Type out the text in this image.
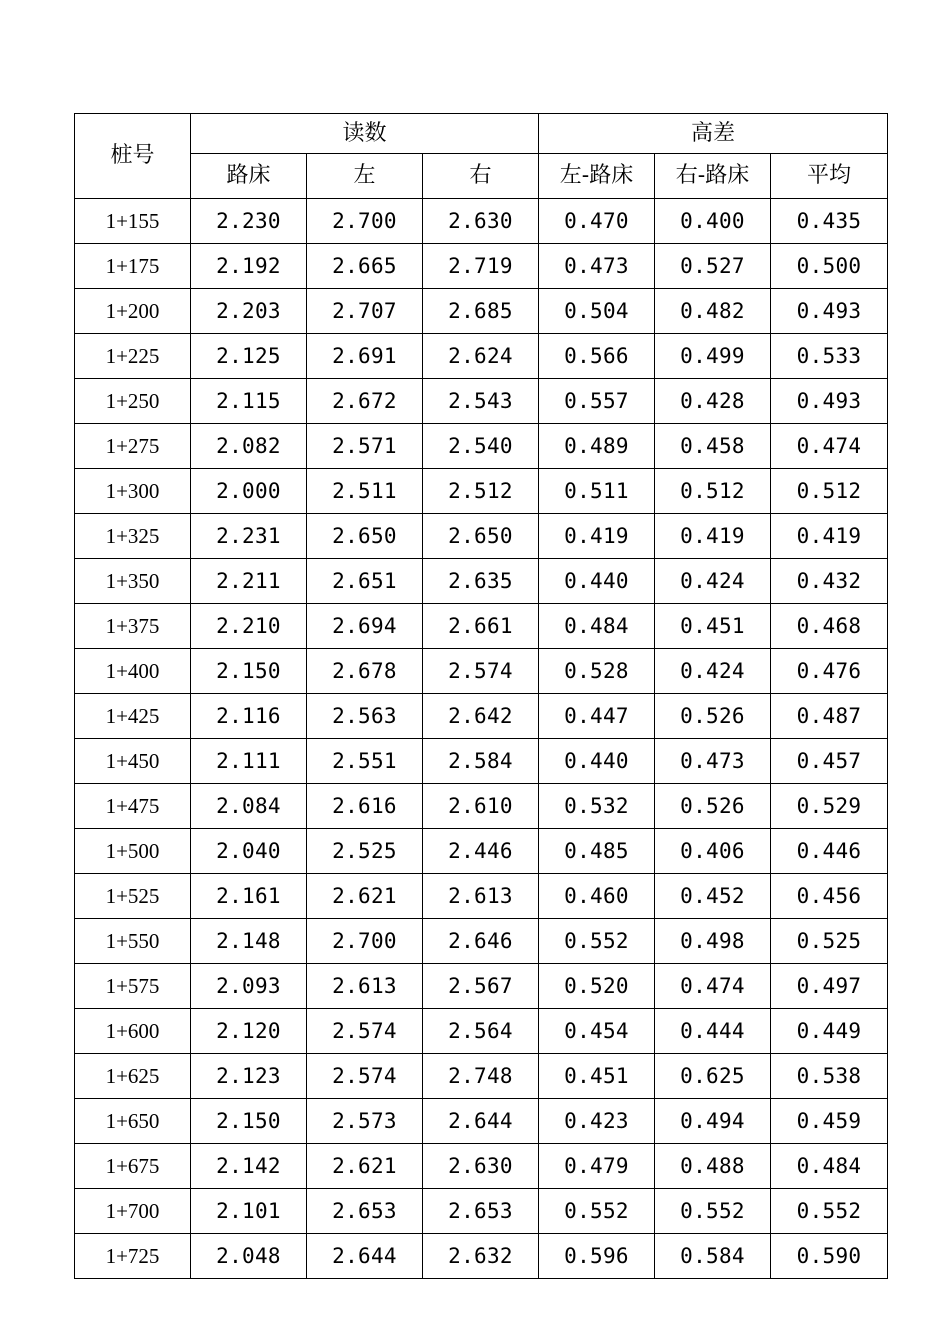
桩号	读数			高差		
	路床	左	右	左-路床	右-路床	平均
1+155	2.230	2.700	2.630	0.470	0.400	0.435
1+175	2.192	2.665	2.719	0.473	0.527	0.500
1+200	2.203	2.707	2.685	0.504	0.482	0.493
1+225	2.125	2.691	2.624	0.566	0.499	0.533
1+250	2.115	2.672	2.543	0.557	0.428	0.493
1+275	2.082	2.571	2.540	0.489	0.458	0.474
1+300	2.000	2.511	2.512	0.511	0.512	0.512
1+325	2.231	2.650	2.650	0.419	0.419	0.419
1+350	2.211	2.651	2.635	0.440	0.424	0.432
1+375	2.210	2.694	2.661	0.484	0.451	0.468
1+400	2.150	2.678	2.574	0.528	0.424	0.476
1+425	2.116	2.563	2.642	0.447	0.526	0.487
1+450	2.111	2.551	2.584	0.440	0.473	0.457
1+475	2.084	2.616	2.610	0.532	0.526	0.529
1+500	2.040	2.525	2.446	0.485	0.406	0.446
1+525	2.161	2.621	2.613	0.460	0.452	0.456
1+550	2.148	2.700	2.646	0.552	0.498	0.525
1+575	2.093	2.613	2.567	0.520	0.474	0.497
1+600	2.120	2.574	2.564	0.454	0.444	0.449
1+625	2.123	2.574	2.748	0.451	0.625	0.538
1+650	2.150	2.573	2.644	0.423	0.494	0.459
1+675	2.142	2.621	2.630	0.479	0.488	0.484
1+700	2.101	2.653	2.653	0.552	0.552	0.552
1+725	2.048	2.644	2.632	0.596	0.584	0.590
